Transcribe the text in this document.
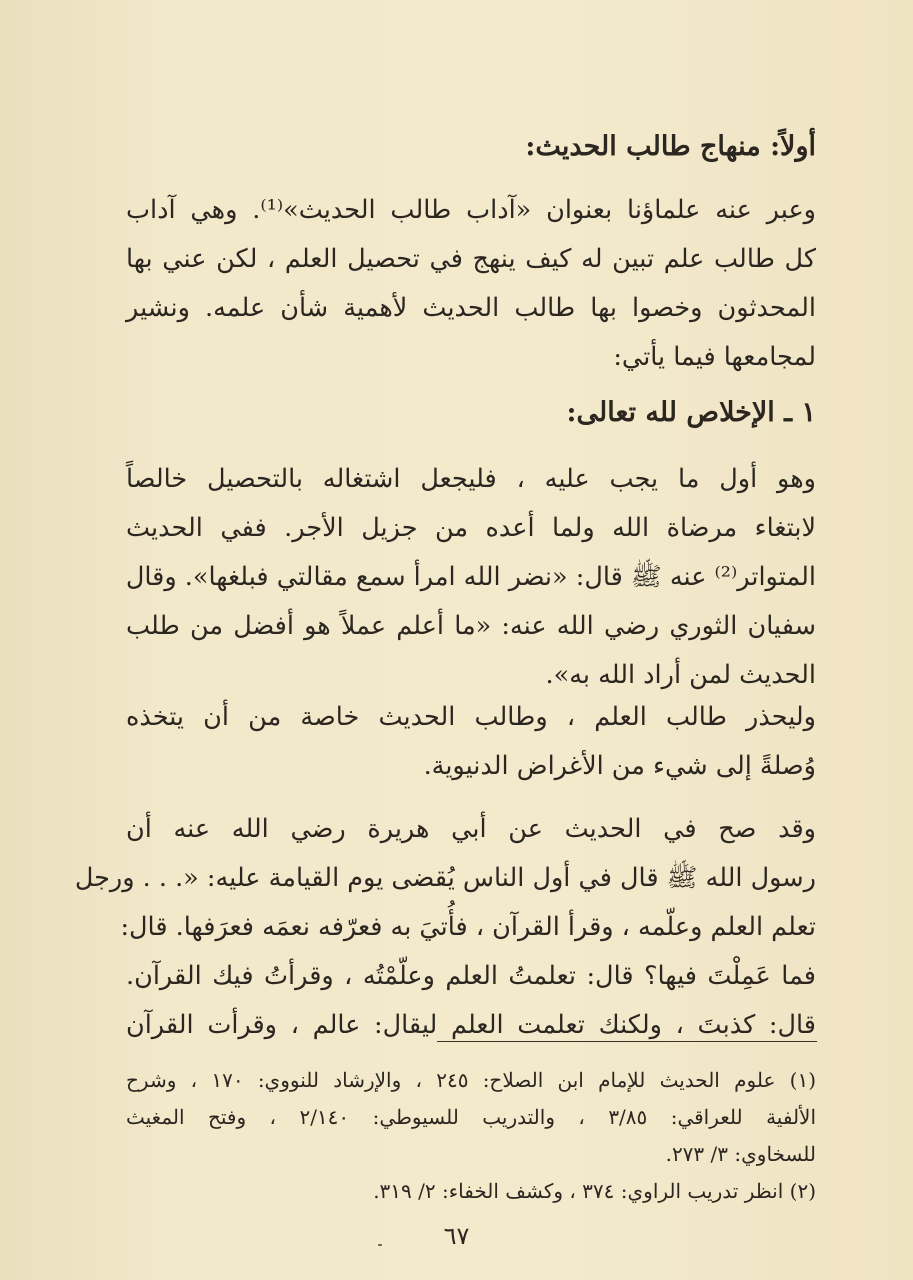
أولاً: منهاج طالب الحديث:

وعبر عنه علماؤنا بعنوان «آداب طالب الحديث»⁽¹⁾. وهي آداب
كل طالب علم تبين له كيف ينهج في تحصيل العلم ، لكن عني بها
المحدثون وخصوا بها طالب الحديث لأهمية شأن علمه. ونشير
لمجامعها فيما يأتي:

١ ـ الإخلاص لله تعالى:

وهو أول ما يجب عليه ، فليجعل اشتغاله بالتحصيل خالصاً
لابتغاء مرضاة الله ولما أعده من جزيل الأجر. ففي الحديث
المتواتر⁽²⁾ عنه ﷺ قال: «نضر الله امرأ سمع مقالتي فبلغها». وقال
سفيان الثوري رضي الله عنه: «ما أعلم عملاً هو أفضل من طلب
الحديث لمن أراد الله به».

وليحذر طالب العلم ، وطالب الحديث خاصة من أن يتخذه
وُصلةً إلى شيء من الأغراض الدنيوية.

وقد صح في الحديث عن أبي هريرة رضي الله عنه أن
رسول الله ﷺ قال في أول الناس يُقضى يوم القيامة عليه: «. . . ورجل
تعلم العلم وعلّمه ، وقرأ القرآن ، فأُتيَ به فعرّفه نعمَه فعرَفها. قال:
فما عَمِلْتَ فيها؟ قال: تعلمتُ العلم وعلّمْتُه ، وقرأتُ فيك القرآن.
قال: كذبتَ ، ولكنك تعلمت العلم ليقال: عالم ، وقرأت القرآن

(١) علوم الحديث للإمام ابن الصلاح: ٢٤٥ ، والإرشاد للنووي: ١٧٠ ، وشرح
الألفية للعراقي: ٣/٨٥ ، والتدريب للسيوطي: ٢/١٤٠ ، وفتح المغيث
للسخاوي: ٣/ ٢٧٣.
(٢) انظر تدريب الراوي: ٣٧٤ ، وكشف الخفاء: ٢/ ٣١٩.
٦٧
